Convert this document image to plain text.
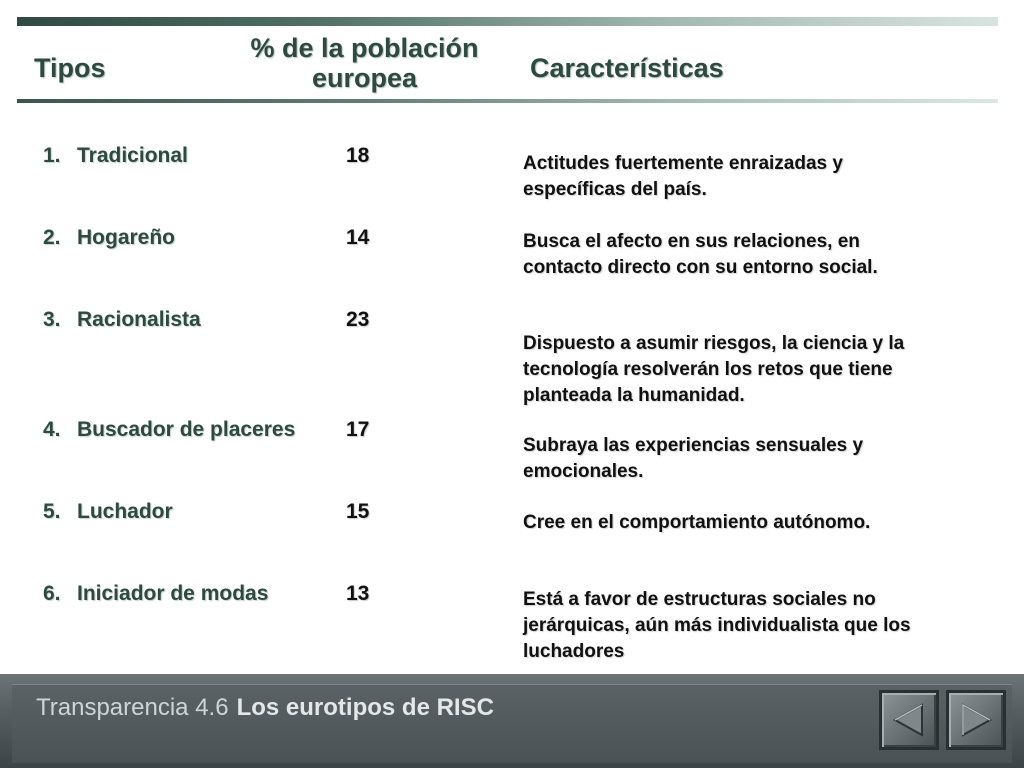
Tipos
% de la población europea	Características
1. Tradicional
2. Hogareño
3. Racionalista
4. Buscador de placeres
5. Luchador
6. Iniciador de modas
18
14
23
17
15
13
Actitudes fuertemente enraizadas y específicas del país.
Busca el afecto en sus relaciones, en contacto directo con su entorno social.
Dispuesto a asumir riesgos, la ciencia y la tecnología resolverán los retos que tiene planteada la humanidad.
Subraya las experiencias sensuales y emocionales.
Cree en el comportamiento autónomo.
Está a favor de estructuras sociales no jerárquicas, aún más individualista que los luchadores
Transparencia 4.6 Los eurotipos de RISC
